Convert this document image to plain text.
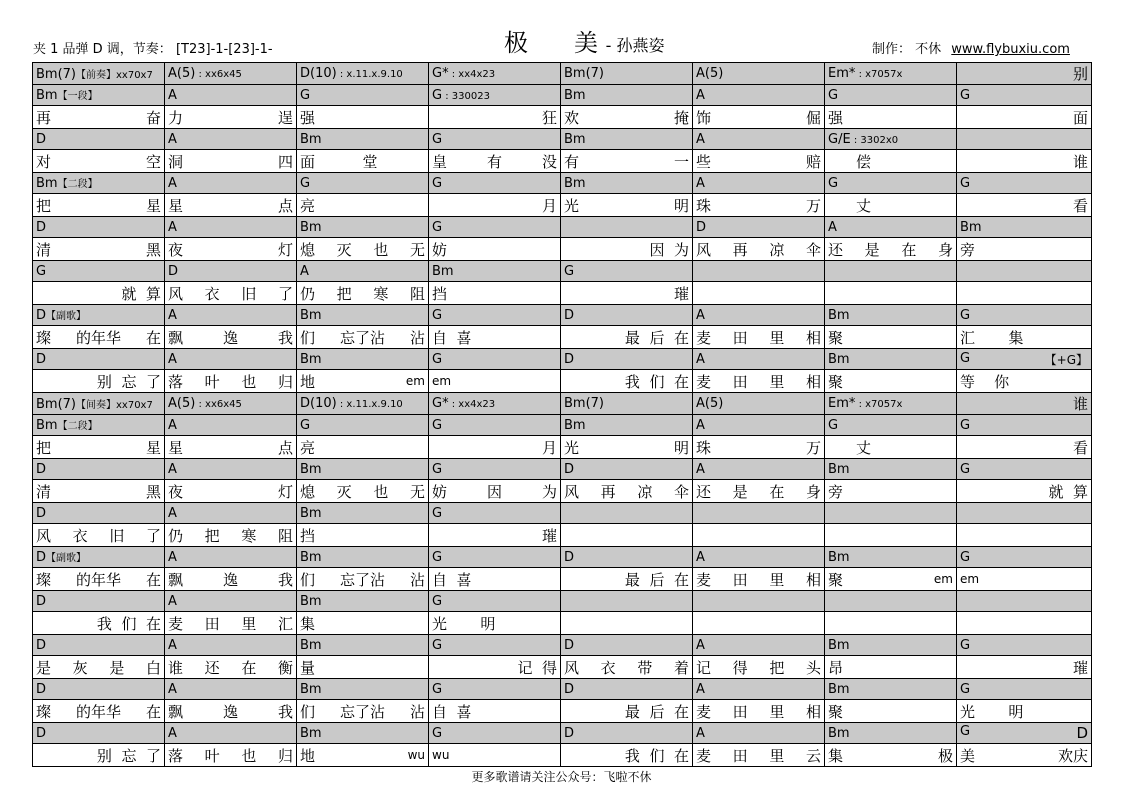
夹 1 品弹 D 调，节奏： [T23]-1-[23]-1-	极 美 - 孙燕姿	制作： 不休 www.flybuxiu.com
Bm(7)【前奏】xx70x7	A(5) : xx6x45	D(10) : x.11.x.9.10	G* : xx4x23	Bm(7)	A(5)	Em* : x7057x	别
Bm【一段】	A	G	G : 330023	Bm	A	G	G

再 奋	力 逞	强	狂	欢 掩	饰 倔	强	面

D	A	Bm	G	Bm	A	G/E : 3302x0	

对 空	洞 四	面 堂	皇 有 没	有 一	些 赔	偿	谁

Bm【二段】	A	G	G	Bm	A	G	G

把 星	星 点	亮	月	光 明	珠 万	丈	看

D	A	Bm	G		D	A	Bm

清 黑	夜 灯	熄 灭 也 无	妨	因  为	风 再 凉 伞	还 是 在 身	旁

G	D	A	Bm	G			

就  算	风 衣 旧 了	仍 把 寒 阻	挡	璀			

D【副歌】	A	Bm	G	D	A	Bm	G

璨 的年华 在	飘 逸 我	们 忘了沾 沾	自  喜	最  后  在	麦 田 里 相	聚	汇       集

D	A	Bm	G	D	A	Bm	G 【+G】

别  忘  了	落 叶 也 归	地 em	em	我  们  在	麦 田 里 相	聚	等    你

Bm(7)【间奏】xx70x7	A(5) : xx6x45	D(10) : x.11.x.9.10	G* : xx4x23	Bm(7)	A(5)	Em* : x7057x	谁
Bm【二段】	A	G	G	Bm	A	G	G

把 星	星 点	亮	月	光 明	珠 万	丈	看

D	A	Bm	G	D	A	Bm	G

清 黑	夜 灯	熄 灭 也 无	妨 因 为	风 再 凉 伞	还 是 在 身	旁	就  算

D	A	Bm	G				

风 衣 旧 了	仍 把 寒 阻	挡	璀				

D【副歌】	A	Bm	G	D	A	Bm	G

璨 的年华 在	飘 逸 我	们 忘了沾 沾	自  喜	最  后  在	麦 田 里 相	聚 em	em

D	A	Bm	G				

我  们  在	麦 田 里 汇	集	光       明				

D	A	Bm	G	D	A	Bm	G

是 灰 是 白	谁 还 在 衡	量	记  得	风 衣 带 着	记 得 把 头	昂	璀

D	A	Bm	G	D	A	Bm	G

璨 的年华 在	飘 逸 我	们 忘了沾 沾	自  喜	最  后  在	麦 田 里 相	聚	光       明

D	A	Bm	G	D	A	Bm	G D

别  忘  了	落 叶 也 归	地 wu	wu	我  们  在	麦 田 里 云	集 极	美 欢庆
更多歌谱请关注公众号：飞啦不休
